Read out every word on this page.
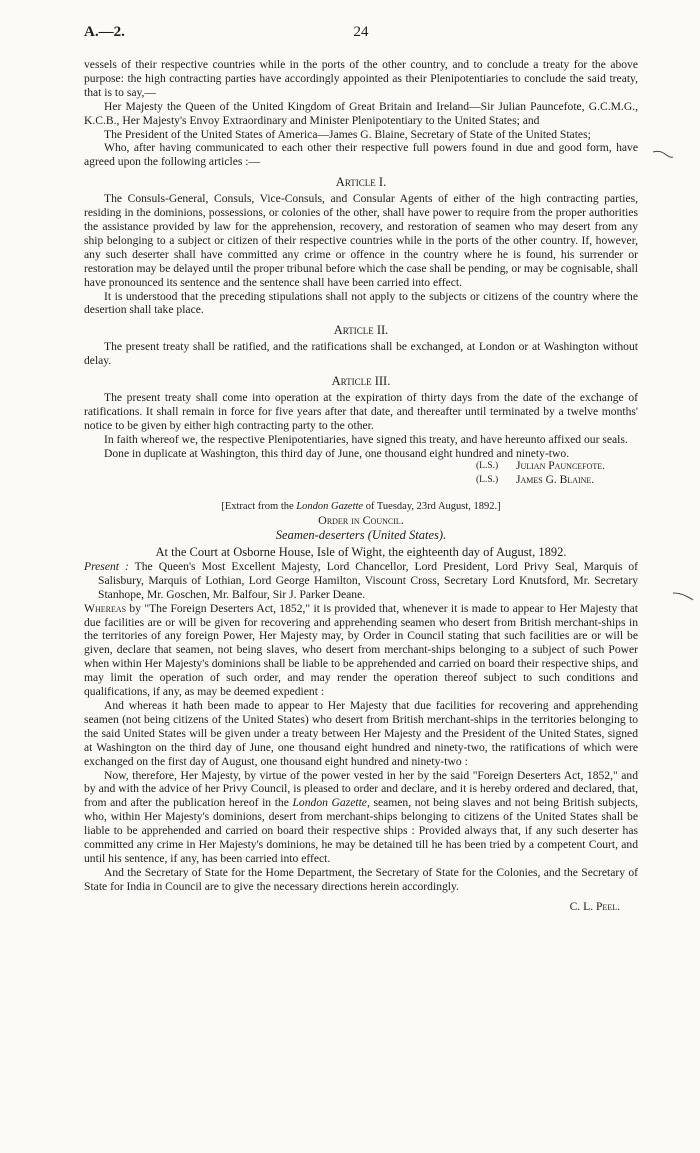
A.—2.	24

vessels of their respective countries while in the ports of the other country, and to conclude a treaty for the above purpose: the high contracting parties have accordingly appointed as their Plenipotentiaries to conclude the said treaty, that is to say,—

Her Majesty the Queen of the United Kingdom of Great Britain and Ireland—Sir Julian Pauncefote, G.C.M.G., K.C.B., Her Majesty's Envoy Extraordinary and Minister Plenipotentiary to the United States; and

The President of the United States of America—James G. Blaine, Secretary of State of the United States;

Who, after having communicated to each other their respective full powers found in due and good form, have agreed upon the following articles :—

Article I.

The Consuls-General, Consuls, Vice-Consuls, and Consular Agents of either of the high contracting parties, residing in the dominions, possessions, or colonies of the other, shall have power to require from the proper authorities the assistance provided by law for the apprehension, recovery, and restoration of seamen who may desert from any ship belonging to a subject or citizen of their respective countries while in the ports of the other country. If, however, any such deserter shall have committed any crime or offence in the country where he is found, his surrender or restoration may be delayed until the proper tribunal before which the case shall be pending, or may be cognisable, shall have pronounced its sentence and the sentence shall have been carried into effect.

It is understood that the preceding stipulations shall not apply to the subjects or citizens of the country where the desertion shall take place.

Article II.

The present treaty shall be ratified, and the ratifications shall be exchanged, at London or at Washington without delay.

Article III.

The present treaty shall come into operation at the expiration of thirty days from the date of the exchange of ratifications. It shall remain in force for five years after that date, and thereafter until terminated by a twelve months' notice to be given by either high contracting party to the other.

In faith whereof we, the respective Plenipotentiaries, have signed this treaty, and have hereunto affixed our seals.

Done in duplicate at Washington, this third day of June, one thousand eight hundred and ninety-two.

(L.S.)	Julian Pauncefote.
(L.S.)	James G. Blaine.
[Extract from the London Gazette of Tuesday, 23rd August, 1892.]
Order in Council.
Seamen-deserters (United States).
At the Court at Osborne House, Isle of Wight, the eighteenth day of August, 1892.

Present : The Queen's Most Excellent Majesty, Lord Chancellor, Lord President, Lord Privy Seal, Marquis of Salisbury, Marquis of Lothian, Lord George Hamilton, Viscount Cross, Secretary Lord Knutsford, Mr. Secretary Stanhope, Mr. Goschen, Mr. Balfour, Sir J. Parker Deane.

Whereas by "The Foreign Deserters Act, 1852," it is provided that, whenever it is made to appear to Her Majesty that due facilities are or will be given for recovering and apprehending seamen who desert from British merchant-ships in the territories of any foreign Power, Her Majesty may, by Order in Council stating that such facilities are or will be given, declare that seamen, not being slaves, who desert from merchant-ships belonging to a subject of such Power when within Her Majesty's dominions shall be liable to be apprehended and carried on board their respective ships, and may limit the operation of such order, and may render the operation thereof subject to such conditions and qualifications, if any, as may be deemed expedient :

And whereas it hath been made to appear to Her Majesty that due facilities for recovering and apprehending seamen (not being citizens of the United States) who desert from British merchant-ships in the territories belonging to the said United States will be given under a treaty between Her Majesty and the President of the United States, signed at Washington on the third day of June, one thousand eight hundred and ninety-two, the ratifications of which were exchanged on the first day of August, one thousand eight hundred and ninety-two :

Now, therefore, Her Majesty, by virtue of the power vested in her by the said "Foreign Deserters Act, 1852," and by and with the advice of her Privy Council, is pleased to order and declare, and it is hereby ordered and declared, that, from and after the publication hereof in the London Gazette, seamen, not being slaves and not being British subjects, who, within Her Majesty's dominions, desert from merchant-ships belonging to citizens of the United States shall be liable to be apprehended and carried on board their respective ships : Provided always that, if any such deserter has committed any crime in Her Majesty's dominions, he may be detained till he has been tried by a competent Court, and until his sentence, if any, has been carried into effect.

And the Secretary of State for the Home Department, the Secretary of State for the Colonies, and the Secretary of State for India in Council are to give the necessary directions herein accordingly.

C. L. Peel.
